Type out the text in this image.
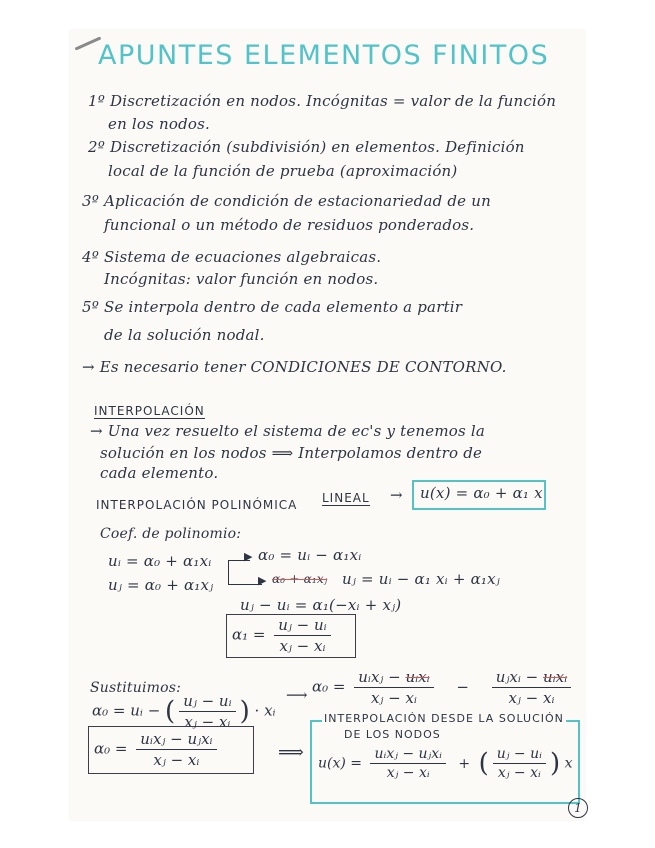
APUNTES ELEMENTOS FINITOS
1º Discretización en nodos. Incógnitas = valor de la función
en los nodos.
2º Discretización (subdivisión) en elementos. Definición
local de la función de prueba (aproximación)
3º Aplicación de condición de estacionariedad de un
funcional o un método de residuos ponderados.
4º Sistema de ecuaciones algebraicas.
Incógnitas: valor función en nodos.
5º Se interpola dentro de cada elemento a partir
de la solución nodal.
→ Es necesario tener CONDICIONES DE CONTORNO.
INTERPOLACIÓN
→ Una vez resuelto el sistema de ec's y tenemos la
solución en los nodos ⟹ Interpolamos dentro de
cada elemento.
INTERPOLACIÓN POLINÓMICA LINEAL → u(x) = α₀ + α₁ x
Coef. de polinomio:
uᵢ = α₀ + α₁xᵢ
uⱼ = α₀ + α₁xⱼ
▶
▶
α₀ = uᵢ − α₁xᵢ
α₀ + α₁xⱼ uⱼ = uᵢ − α₁ xᵢ + α₁xⱼ
uⱼ − uᵢ = α₁(−xᵢ + xⱼ)
$\alpha_1 = \frac{\text{uⱼ − uᵢ}}{\text{xⱼ − xᵢ}}$
Sustituimos:
α₀ = uᵢ − ( $\frac{\text{uⱼ − uᵢ}}{\text{xⱼ − xᵢ}}$ ) · xᵢ
⟶ $\alpha_0 = \frac{\text{uᵢxⱼ − uᵢxᵢ}}{\text{xⱼ − xᵢ}} - \frac{\text{uⱼxᵢ − uᵢxᵢ}}{\text{xⱼ − xᵢ}}$
$\alpha_0 = \frac{\text{uᵢxⱼ − uⱼxᵢ}}{\text{xⱼ − xᵢ}}$	⟹
INTERPOLACIÓN DESDE LA SOLUCIÓN
DE LOS NODOS
$u(x) = \frac{\text{uᵢxⱼ − uⱼxᵢ}}{\text{xⱼ − xᵢ}}$ + ( $\frac{\text{uⱼ − uᵢ}}{\text{xⱼ − xᵢ}}$ ) x
1
